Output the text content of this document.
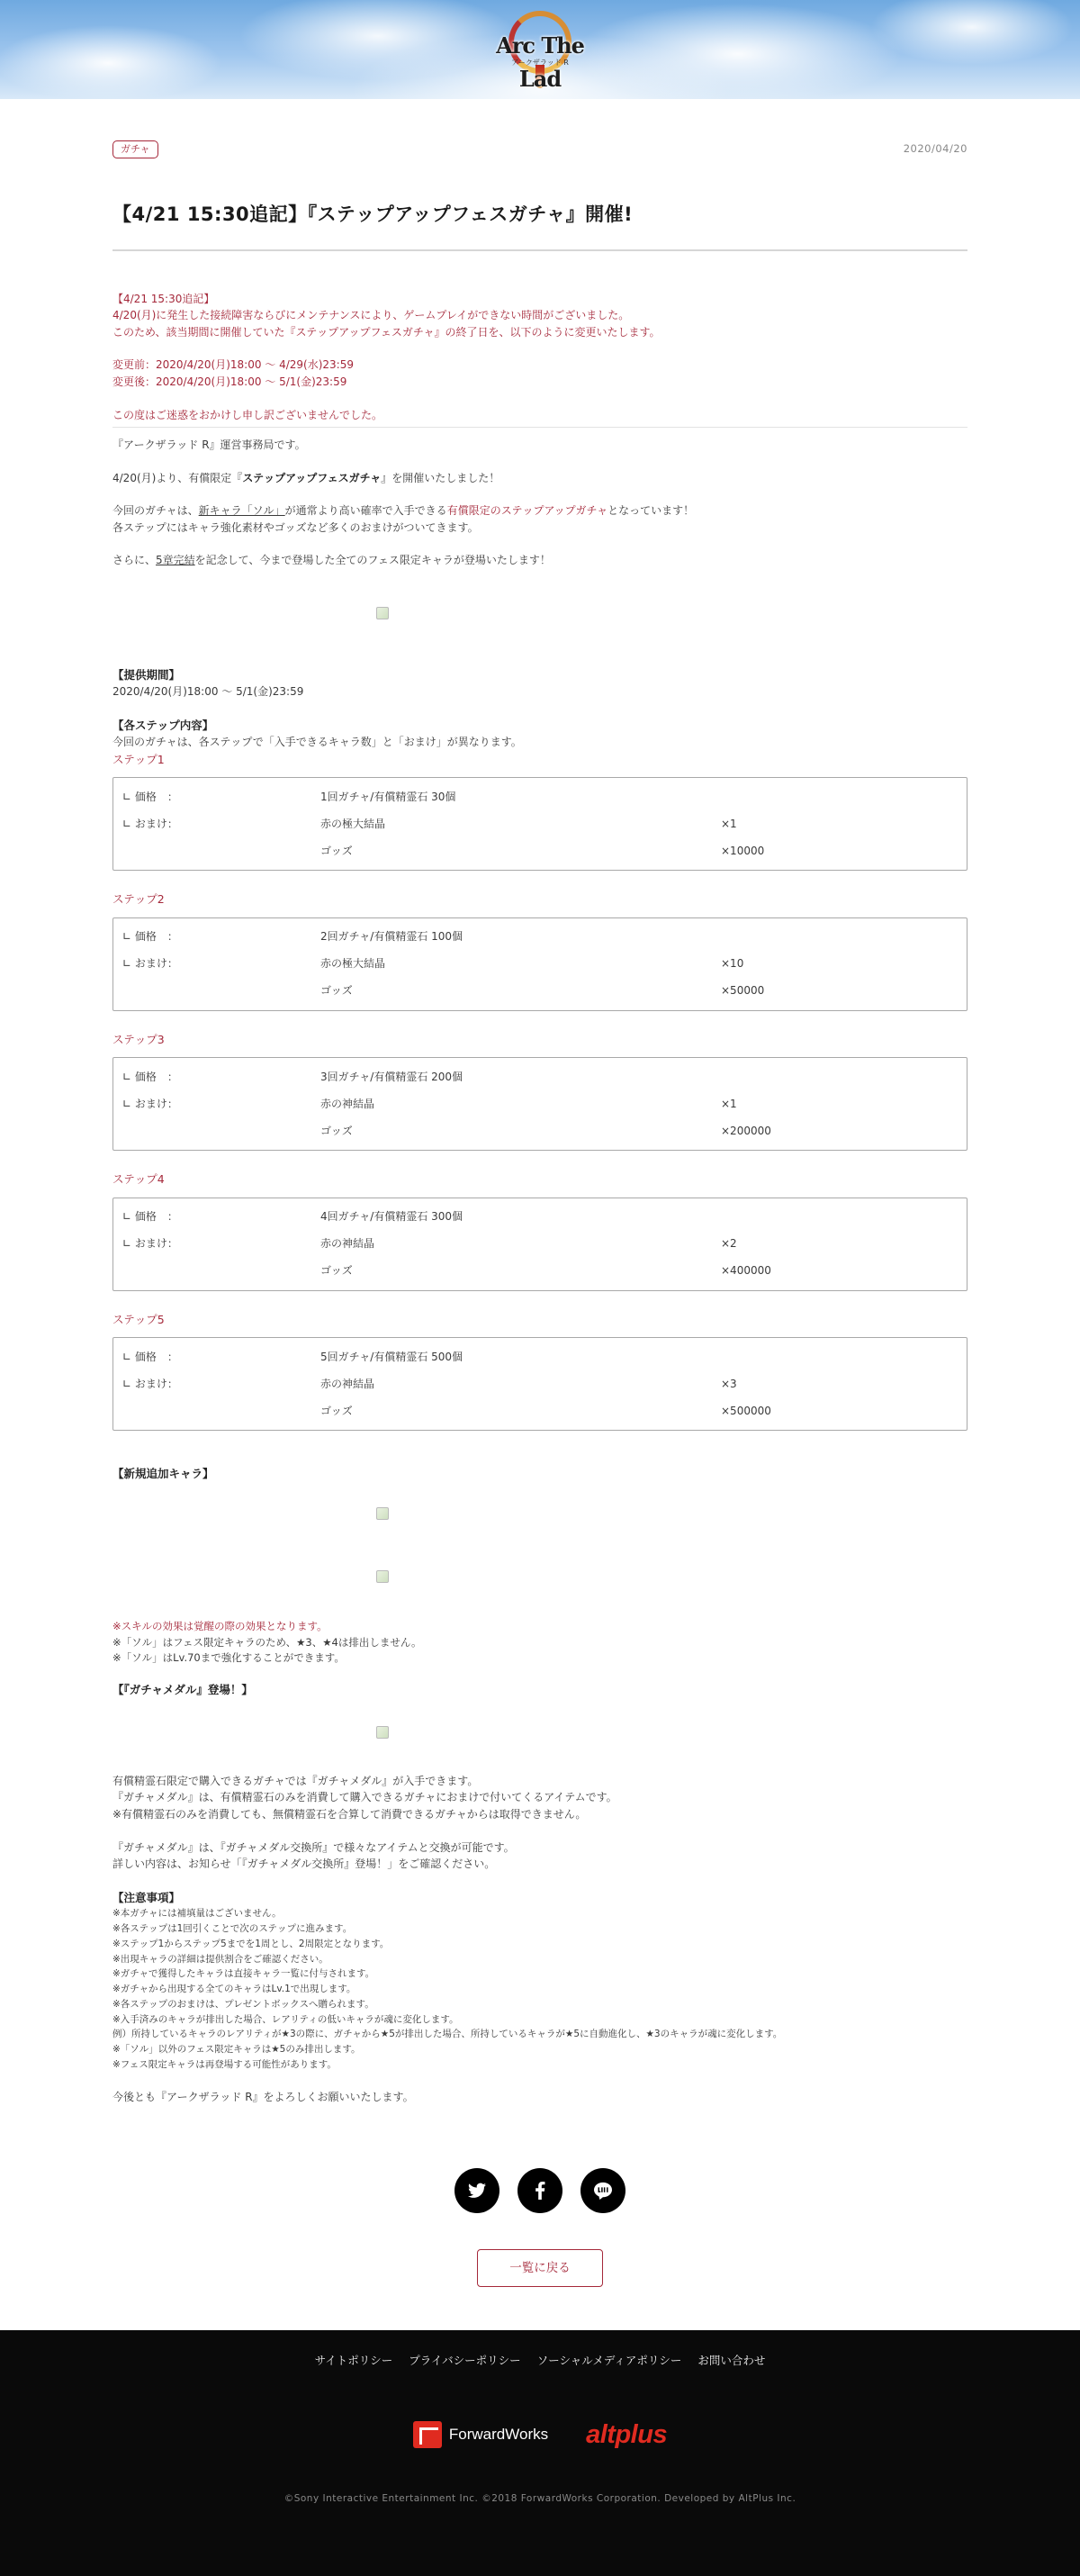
Arc The Lad
アークザラッド R
ガチャ	2020/04/20
【4/21 15:30追記】『ステップアップフェスガチャ』開催!

【4/21 15:30追記】

4/20(月)に発生した接続障害ならびにメンテナンスにより、ゲームプレイができない時間がございました。

このため、該当期間に開催していた『ステップアップフェスガチャ』の終了日を、以下のように変更いたします。

変更前：2020/4/20(月)18:00 〜 4/29(水)23:59

変更後：2020/4/20(月)18:00 〜 5/1(金)23:59

この度はご迷惑をおかけし申し訳ございませんでした。

『アークザラッド R』運営事務局です。

4/20(月)より、有償限定『ステップアップフェスガチャ』を開催いたしました！

今回のガチャは、新キャラ「ソル」が通常より高い確率で入手できる有償限定のステップアップガチャとなっています！

各ステップにはキャラ強化素材やゴッズなど多くのおまけがついてきます。

さらに、5章完結を記念して、今まで登場した全てのフェス限定キャラが登場いたします！

【提供期間】

2020/4/20(月)18:00 〜 5/1(金)23:59

【各ステップ内容】

今回のガチャは、各ステップで「入手できるキャラ数」と「おまけ」が異なります。

ステップ1
∟ 価格　：	1回ガチャ/有償精霊石 30個
∟ おまけ：	赤の極大結晶	×1
ゴッズ	×10000
ステップ2
∟ 価格　：	2回ガチャ/有償精霊石 100個
∟ おまけ：	赤の極大結晶	×10
ゴッズ	×50000
ステップ3
∟ 価格　：	3回ガチャ/有償精霊石 200個
∟ おまけ：	赤の神結晶	×1
ゴッズ	×200000
ステップ4
∟ 価格　：	4回ガチャ/有償精霊石 300個
∟ おまけ：	赤の神結晶	×2
ゴッズ	×400000
ステップ5
∟ 価格　：	5回ガチャ/有償精霊石 500個
∟ おまけ：	赤の神結晶	×3
ゴッズ	×500000

【新規追加キャラ】

※スキルの効果は覚醒の際の効果となります。

※「ソル」はフェス限定キャラのため、★3、★4は排出しません。

※「ソル」はLv.70まで強化することができます。

【『ガチャメダル』登場！】

有償精霊石限定で購入できるガチャでは『ガチャメダル』が入手できます。

『ガチャメダル』は、有償精霊石のみを消費して購入できるガチャにおまけで付いてくるアイテムです。

※有償精霊石のみを消費しても、無償精霊石を合算して消費できるガチャからは取得できません。

『ガチャメダル』は、『ガチャメダル交換所』で様々なアイテムと交換が可能です。

詳しい内容は、お知らせ「『ガチャメダル交換所』登場！」をご確認ください。

【注意事項】

※本ガチャには補填量はございません。

※各ステップは1回引くことで次のステップに進みます。

※ステップ1からステップ5までを1周とし、2周限定となります。

※出現キャラの詳細は提供割合をご確認ください。

※ガチャで獲得したキャラは直接キャラ一覧に付与されます。

※ガチャから出現する全てのキャラはLv.1で出現します。

※各ステップのおまけは、プレゼントボックスへ贈られます。

※入手済みのキャラが排出した場合、レアリティの低いキャラが魂に変化します。

例）所持しているキャラのレアリティが★3の際に、ガチャから★5が排出した場合、所持しているキャラが★5に自動進化し、★3のキャラが魂に変化します。

※「ソル」以外のフェス限定キャラは★5のみ排出します。

※フェス限定キャラは再登場する可能性があります。

今後とも『アークザラッド R』をよろしくお願いいたします。

一覧に戻る
サイトポリシー プライバシーポリシー ソーシャルメディアポリシー お問い合わせ
ForwardWorks altplus
©Sony Interactive Entertainment Inc. ©2018 ForwardWorks Corporation. Developed by AltPlus Inc.
